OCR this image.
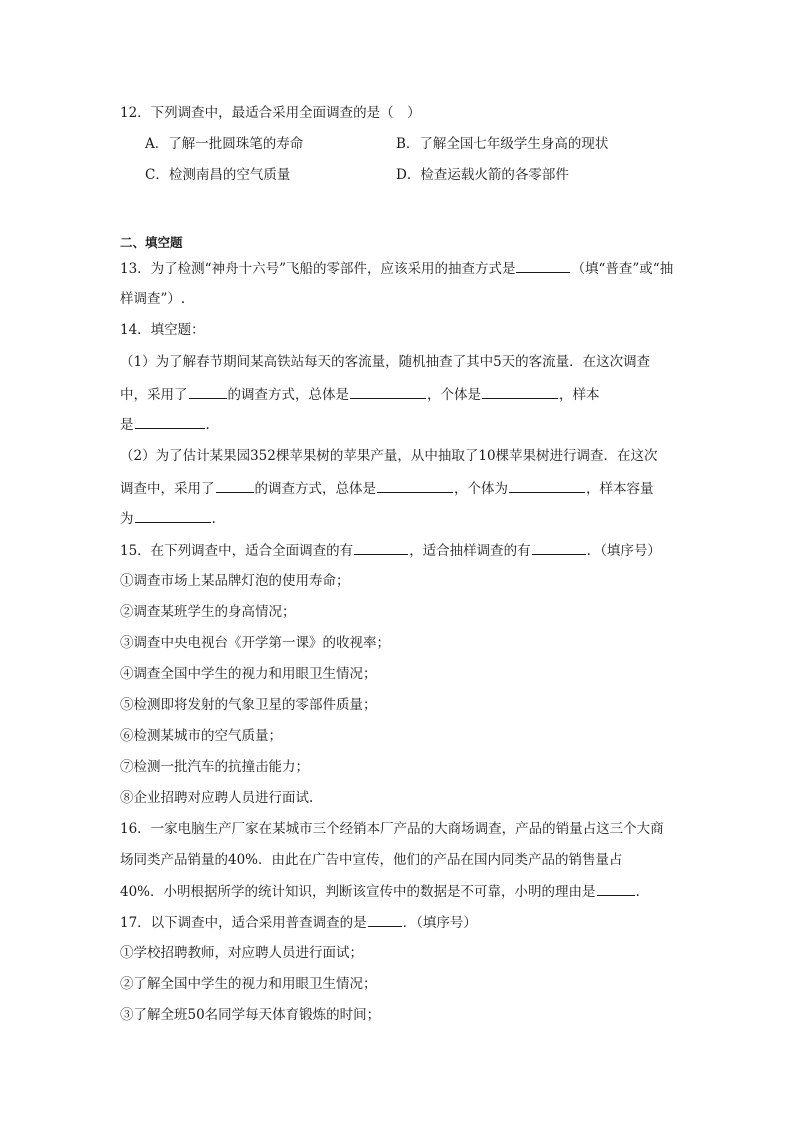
12．下列调查中，最适合采用全面调查的是（　）
A．了解一批圆珠笔的寿命	B．了解全国七年级学生身高的现状
C．检测南昌的空气质量	D．检查运载火箭的各零部件
二、填空题
13．为了检测“神舟十六号”飞船的零部件，应该采用的抽查方式是	（填“普查”或“抽
样调查”）.
14．填空题：
（1）为了解春节期间某高铁站每天的客流量，随机抽查了其中5天的客流量．在这次调查
中，采用了	的调查方式，总体是	，个体是	，样本
是	.
（2）为了估计某果园352棵苹果树的苹果产量，从中抽取了10棵苹果树进行调查．在这次
调查中，采用了	的调查方式，总体是	，个体为	，样本容量
为	.
15．在下列调查中，适合全面调查的有	，适合抽样调查的有	．（填序号）
①调查市场上某品牌灯泡的使用寿命；
②调查某班学生的身高情况；
③调查中央电视台《开学第一课》的收视率；
④调查全国中学生的视力和用眼卫生情况；
⑤检测即将发射的气象卫星的零部件质量；
⑥检测某城市的空气质量；
⑦检测一批汽车的抗撞击能力；
⑧企业招聘对应聘人员进行面试.
16．一家电脑生产厂家在某城市三个经销本厂产品的大商场调查，产品的销量占这三个大商
场同类产品销量的40%．由此在广告中宣传，他们的产品在国内同类产品的销售量占
40%．小明根据所学的统计知识，判断该宣传中的数据是不可靠，小明的理由是	.
17．以下调查中，适合采用普查调查的是	．（填序号）
①学校招聘教师，对应聘人员进行面试；
②了解全国中学生的视力和用眼卫生情况；
③了解全班50名同学每天体育锻炼的时间；
